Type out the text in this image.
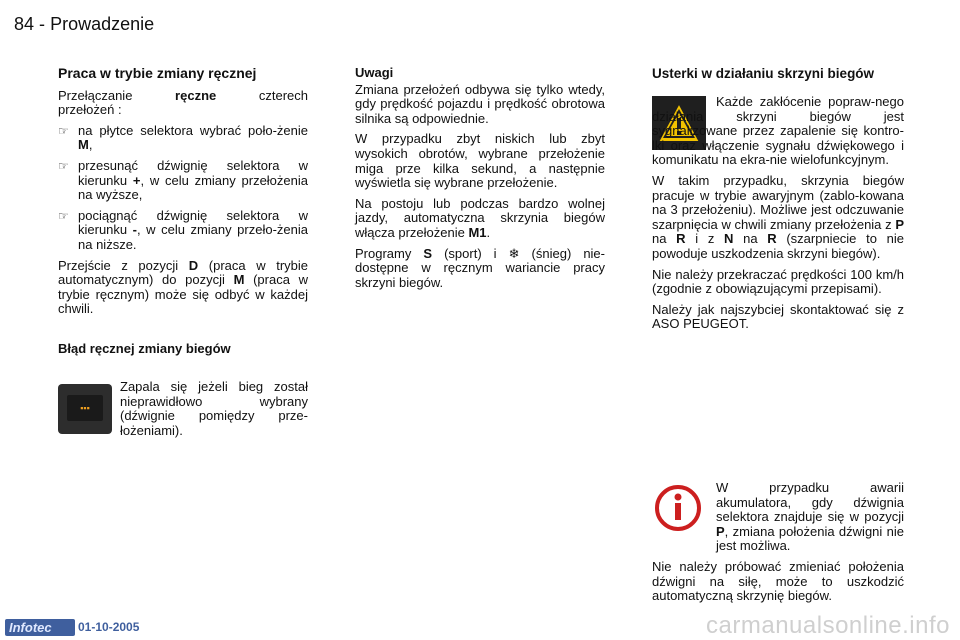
84 - Prowadzenie
Praca w trybie zmiany ręcznej

Przełączanie	ręczne	czterech przełożeń :

☞ na płytce selektora wybrać poło-żenie M,
☞ przesunąć dźwignię selektora w kierunku +, w celu zmiany przełożenia na wyższe,
☞ pociągnąć dźwignię selektora w kierunku -, w celu zmiany przeło-żenia na niższe.

Przejście z pozycji D (praca w trybie automatycznym) do pozycji M (praca w trybie ręcznym) może się odbyć w każdej chwili.

Błąd ręcznej zmiany biegów
▪▪▪

Zapala się jeżeli bieg został nieprawidłowo wybrany (dźwignie pomiędzy prze-łożeniami).

Uwagi

Zmiana przełożeń odbywa się tylko wtedy, gdy prędkość pojazdu i prędkość obrotowa silnika są odpowiednie.

W przypadku zbyt niskich lub zbyt wysokich obrotów, wybrane przełożenie miga prze kilka sekund, a następnie wyświetla się wybrane przełożenie.

Na postoju lub podczas bardzo wolnej jazdy, automatyczna skrzynia biegów włącza przełożenie M1.

Programy S (sport) i ❄ (śnieg) nie-dostępne w ręcznym wariancie pracy skrzyni biegów.

Usterki w działaniu skrzyni biegów

Każde zakłócenie popraw-nego działania skrzyni biegów jest sygnalizowane przez zapalenie się kontro-lki oraz włączenie sygnału dźwiękowego i komunikatu na ekra-nie wielofunkcyjnym.

W takim przypadku, skrzynia biegów pracuje w trybie awaryjnym (zablo-kowana na 3 przełożeniu). Możliwe jest odczuwanie szarpnięcia w chwili zmiany przełożenia z P na R i z N na R (szarpniecie to nie powoduje uszkodzenia skrzyni biegów).

Nie należy przekraczać prędkości 100 km/h (zgodnie z obowiązującymi przepisami).

Należy jak najszybciej skontaktować się z ASO PEUGEOT.

W przypadku awarii akumulatora, gdy dźwignia selektora znajduje się w pozycji P, zmiana położenia dźwigni nie jest możliwa.

Nie należy próbować zmieniać położenia dźwigni na siłę, może to uszkodzić automatyczną skrzynię biegów.

Infotec	01-10-2005	carmanualsonline.info
